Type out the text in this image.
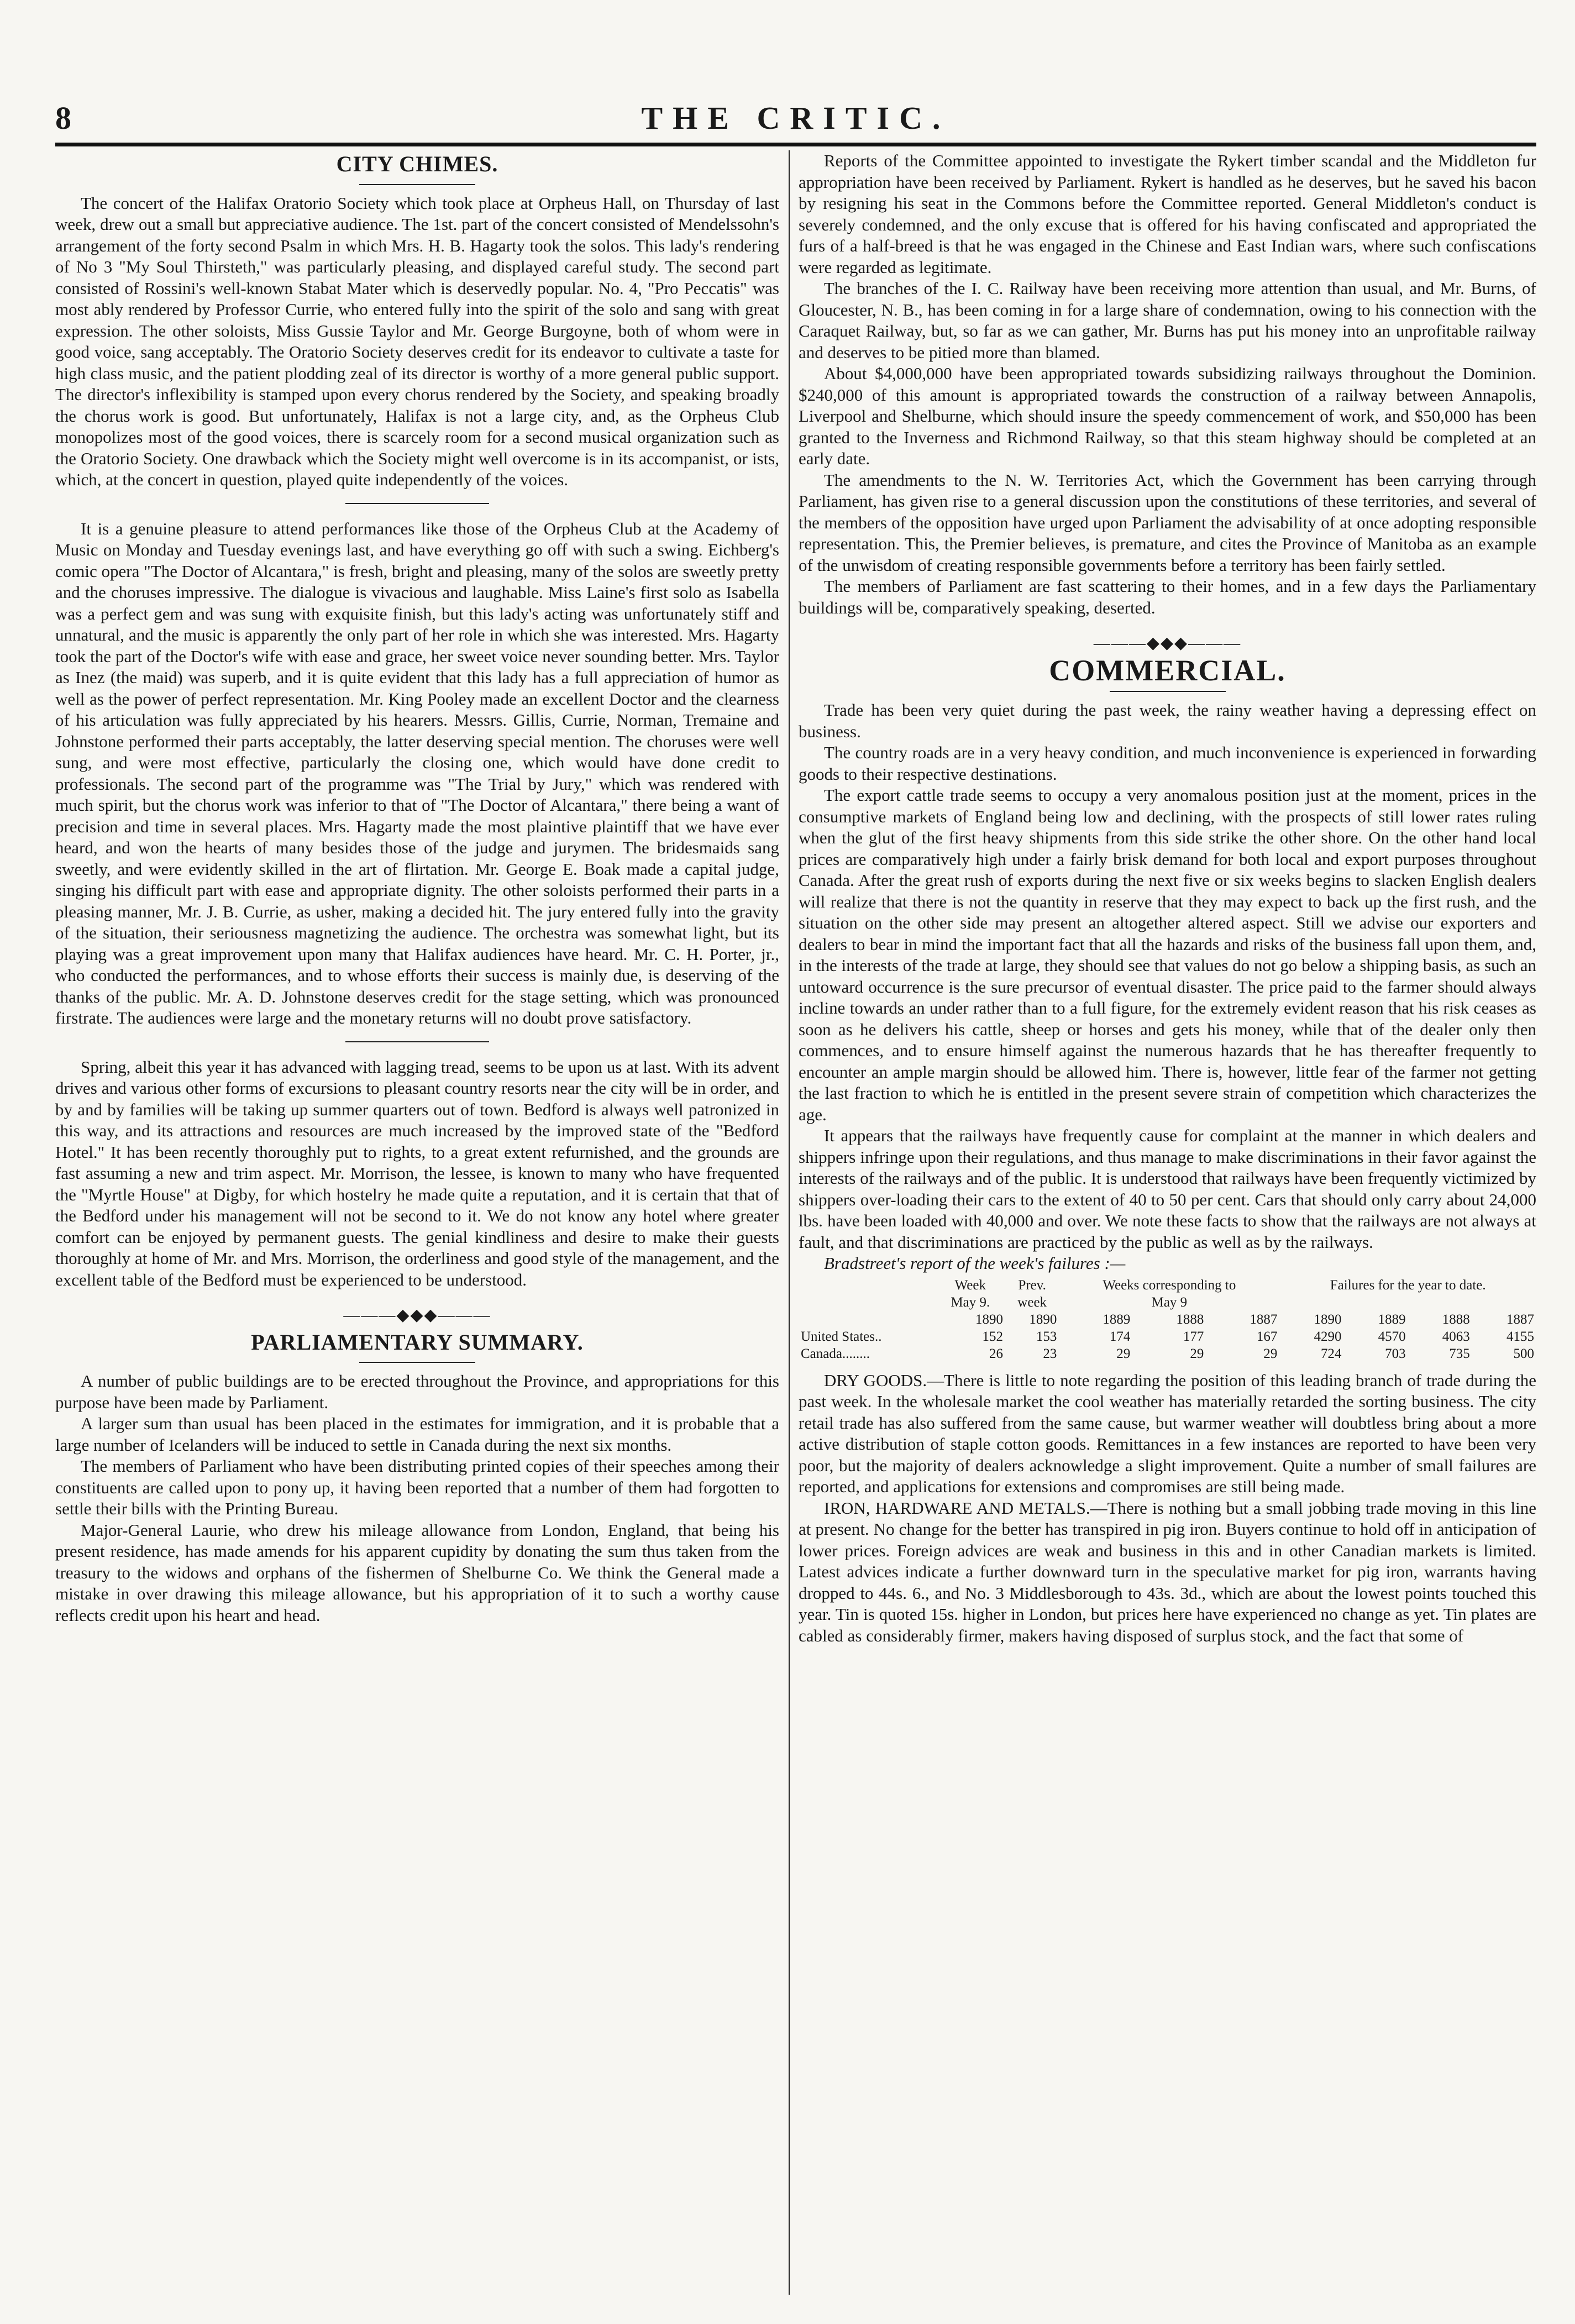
8	THE CRITIC.
CITY CHIMES.

The concert of the Halifax Oratorio Society which took place at Orpheus Hall, on Thursday of last week, drew out a small but appreciative audience. The 1st. part of the concert consisted of Mendelssohn's arrangement of the forty second Psalm in which Mrs. H. B. Hagarty took the solos. This lady's rendering of No 3 "My Soul Thirsteth," was particularly pleasing, and displayed careful study. The second part consisted of Rossini's well-known Stabat Mater which is deservedly popular. No. 4, "Pro Peccatis" was most ably rendered by Professor Currie, who entered fully into the spirit of the solo and sang with great expression. The other soloists, Miss Gussie Taylor and Mr. George Burgoyne, both of whom were in good voice, sang acceptably. The Oratorio Society deserves credit for its endeavor to cultivate a taste for high class music, and the patient plodding zeal of its director is worthy of a more general public support. The director's inflexibility is stamped upon every chorus rendered by the Society, and speaking broadly the chorus work is good. But unfortunately, Halifax is not a large city, and, as the Orpheus Club monopolizes most of the good voices, there is scarcely room for a second musical organization such as the Oratorio Society. One drawback which the Society might well overcome is in its accompanist, or ists, which, at the concert in question, played quite independently of the voices.

It is a genuine pleasure to attend performances like those of the Orpheus Club at the Academy of Music on Monday and Tuesday evenings last, and have everything go off with such a swing. Eichberg's comic opera "The Doctor of Alcantara," is fresh, bright and pleasing, many of the solos are sweetly pretty and the choruses impressive. The dialogue is vivacious and laughable. Miss Laine's first solo as Isabella was a perfect gem and was sung with exquisite finish, but this lady's acting was unfortunately stiff and unnatural, and the music is apparently the only part of her role in which she was interested. Mrs. Hagarty took the part of the Doctor's wife with ease and grace, her sweet voice never sounding better. Mrs. Taylor as Inez (the maid) was superb, and it is quite evident that this lady has a full appreciation of humor as well as the power of perfect representation. Mr. King Pooley made an excellent Doctor and the clearness of his articulation was fully appreciated by his hearers. Messrs. Gillis, Currie, Norman, Tremaine and Johnstone performed their parts acceptably, the latter deserving special mention. The choruses were well sung, and were most effective, particularly the closing one, which would have done credit to professionals. The second part of the programme was "The Trial by Jury," which was rendered with much spirit, but the chorus work was inferior to that of "The Doctor of Alcantara," there being a want of precision and time in several places. Mrs. Hagarty made the most plaintive plaintiff that we have ever heard, and won the hearts of many besides those of the judge and jurymen. The bridesmaids sang sweetly, and were evidently skilled in the art of flirtation. Mr. George E. Boak made a capital judge, singing his difficult part with ease and appropriate dignity. The other soloists performed their parts in a pleasing manner, Mr. J. B. Currie, as usher, making a decided hit. The jury entered fully into the gravity of the situation, their seriousness magnetizing the audience. The orchestra was somewhat light, but its playing was a great improvement upon many that Halifax audiences have heard. Mr. C. H. Porter, jr., who conducted the performances, and to whose efforts their success is mainly due, is deserving of the thanks of the public. Mr. A. D. Johnstone deserves credit for the stage setting, which was pronounced firstrate. The audiences were large and the monetary returns will no doubt prove satisfactory.

Spring, albeit this year it has advanced with lagging tread, seems to be upon us at last. With its advent drives and various other forms of excursions to pleasant country resorts near the city will be in order, and by and by families will be taking up summer quarters out of town. Bedford is always well patronized in this way, and its attractions and resources are much increased by the improved state of the "Bedford Hotel." It has been recently thoroughly put to rights, to a great extent refurnished, and the grounds are fast assuming a new and trim aspect. Mr. Morrison, the lessee, is known to many who have frequented the "Myrtle House" at Digby, for which hostelry he made quite a reputation, and it is certain that that of the Bedford under his management will not be second to it. We do not know any hotel where greater comfort can be enjoyed by permanent guests. The genial kindliness and desire to make their guests thoroughly at home of Mr. and Mrs. Morrison, the orderliness and good style of the management, and the excellent table of the Bedford must be experienced to be understood.

―――◆◆◆―――
PARLIAMENTARY SUMMARY.

A number of public buildings are to be erected throughout the Province, and appropriations for this purpose have been made by Parliament.

A larger sum than usual has been placed in the estimates for immigration, and it is probable that a large number of Icelanders will be induced to settle in Canada during the next six months.

The members of Parliament who have been distributing printed copies of their speeches among their constituents are called upon to pony up, it having been reported that a number of them had forgotten to settle their bills with the Printing Bureau.

Major-General Laurie, who drew his mileage allowance from London, England, that being his present residence, has made amends for his apparent cupidity by donating the sum thus taken from the treasury to the widows and orphans of the fishermen of Shelburne Co. We think the General made a mistake in over drawing this mileage allowance, but his appropriation of it to such a worthy cause reflects credit upon his heart and head.

Reports of the Committee appointed to investigate the Rykert timber scandal and the Middleton fur appropriation have been received by Parliament. Rykert is handled as he deserves, but he saved his bacon by resigning his seat in the Commons before the Committee reported. General Middleton's conduct is severely condemned, and the only excuse that is offered for his having confiscated and appropriated the furs of a half-breed is that he was engaged in the Chinese and East Indian wars, where such confiscations were regarded as legitimate.

The branches of the I. C. Railway have been receiving more attention than usual, and Mr. Burns, of Gloucester, N. B., has been coming in for a large share of condemnation, owing to his connection with the Caraquet Railway, but, so far as we can gather, Mr. Burns has put his money into an unprofitable railway and deserves to be pitied more than blamed.

About $4,000,000 have been appropriated towards subsidizing railways throughout the Dominion. $240,000 of this amount is appropriated towards the construction of a railway between Annapolis, Liverpool and Shelburne, which should insure the speedy commencement of work, and $50,000 has been granted to the Inverness and Richmond Railway, so that this steam highway should be completed at an early date.

The amendments to the N. W. Territories Act, which the Government has been carrying through Parliament, has given rise to a general discussion upon the constitutions of these territories, and several of the members of the opposition have urged upon Parliament the advisability of at once adopting responsible representation. This, the Premier believes, is premature, and cites the Province of Manitoba as an example of the unwisdom of creating responsible governments before a territory has been fairly settled.

The members of Parliament are fast scattering to their homes, and in a few days the Parliamentary buildings will be, comparatively speaking, deserted.

―――◆◆◆―――
COMMERCIAL.

Trade has been very quiet during the past week, the rainy weather having a depressing effect on business.

The country roads are in a very heavy condition, and much inconvenience is experienced in forwarding goods to their respective destinations.

The export cattle trade seems to occupy a very anomalous position just at the moment, prices in the consumptive markets of England being low and declining, with the prospects of still lower rates ruling when the glut of the first heavy shipments from this side strike the other shore. On the other hand local prices are comparatively high under a fairly brisk demand for both local and export purposes throughout Canada. After the great rush of exports during the next five or six weeks begins to slacken English dealers will realize that there is not the quantity in reserve that they may expect to back up the first rush, and the situation on the other side may present an altogether altered aspect. Still we advise our exporters and dealers to bear in mind the important fact that all the hazards and risks of the business fall upon them, and, in the interests of the trade at large, they should see that values do not go below a shipping basis, as such an untoward occurrence is the sure precursor of eventual disaster. The price paid to the farmer should always incline towards an under rather than to a full figure, for the extremely evident reason that his risk ceases as soon as he delivers his cattle, sheep or horses and gets his money, while that of the dealer only then commences, and to ensure himself against the numerous hazards that he has thereafter frequently to encounter an ample margin should be allowed him. There is, however, little fear of the farmer not getting the last fraction to which he is entitled in the present severe strain of competition which characterizes the age.

It appears that the railways have frequently cause for complaint at the manner in which dealers and shippers infringe upon their regulations, and thus manage to make discriminations in their favor against the interests of the railways and of the public. It is understood that railways have been frequently victimized by shippers over-loading their cars to the extent of 40 to 50 per cent. Cars that should only carry about 24,000 lbs. have been loaded with 40,000 and over. We note these facts to show that the railways are not always at fault, and that discriminations are practiced by the public as well as by the railways.

Bradstreet's report of the week's failures :—

	Week	Prev.	Weeks corresponding to			Failures for the year to date.			
	May 9.	week	May 9						
	1890	1890	1889	1888	1887	1890	1889	1888	1887
United States..	152	153	174	177	167	4290	4570	4063	4155
Canada........	26	23	29	29	29	724	703	735	500

DRY GOODS.—There is little to note regarding the position of this leading branch of trade during the past week. In the wholesale market the cool weather has materially retarded the sorting business. The city retail trade has also suffered from the same cause, but warmer weather will doubtless bring about a more active distribution of staple cotton goods. Remittances in a few instances are reported to have been very poor, but the majority of dealers acknowledge a slight improvement. Quite a number of small failures are reported, and applications for extensions and compromises are still being made.

IRON, HARDWARE AND METALS.—There is nothing but a small jobbing trade moving in this line at present. No change for the better has transpired in pig iron. Buyers continue to hold off in anticipation of lower prices. Foreign advices are weak and business in this and in other Canadian markets is limited. Latest advices indicate a further downward turn in the speculative market for pig iron, warrants having dropped to 44s. 6., and No. 3 Middlesborough to 43s. 3d., which are about the lowest points touched this year. Tin is quoted 15s. higher in London, but prices here have experienced no change as yet. Tin plates are cabled as considerably firmer, makers having disposed of surplus stock, and the fact that some of
